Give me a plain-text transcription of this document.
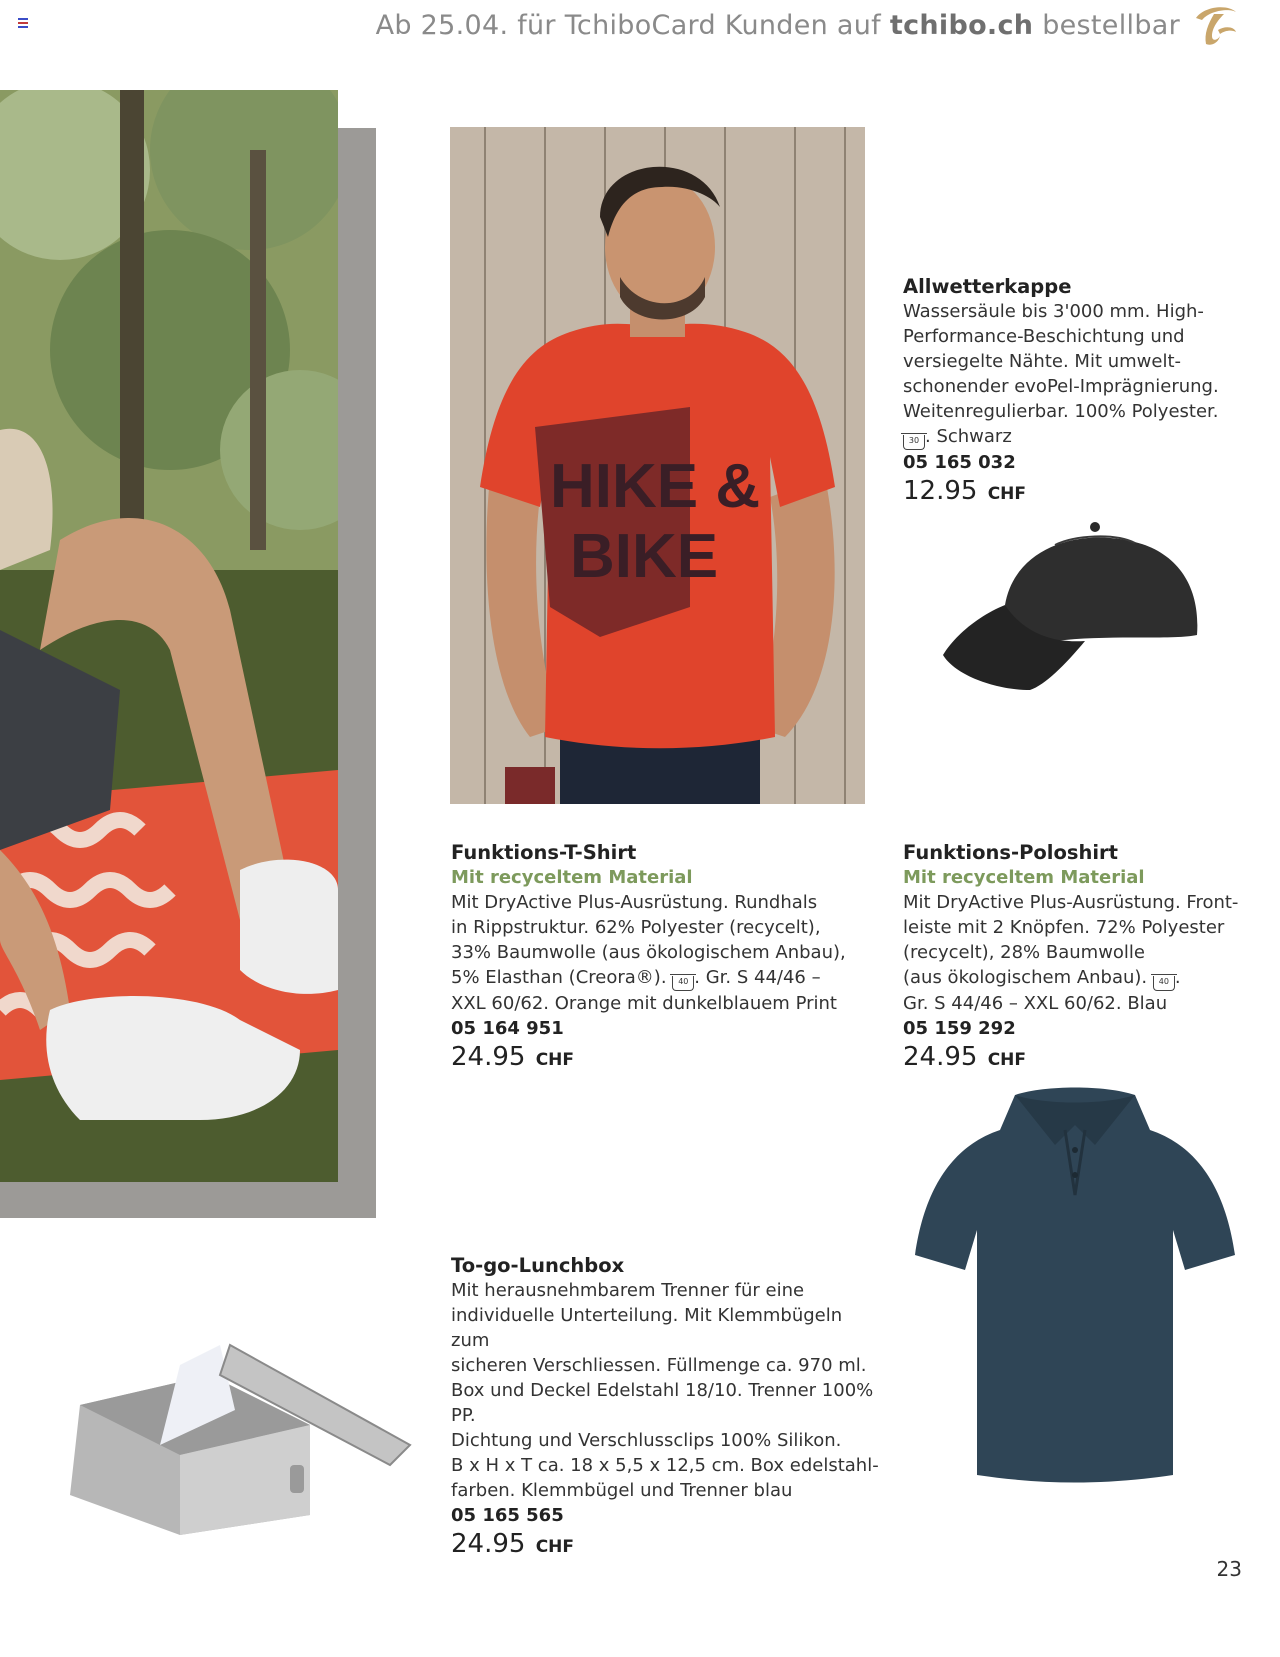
Ab 25.04. für TchiboCard Kunden auf tchibo.ch bestellbar
HIKE &
BIKE
Allwetterkappe
Wassersäule bis 3'000 mm. High-
Performance-Beschichtung und
versiegelte Nähte. Mit umwelt-
schonender evoPel-Imprägnierung.
Weitenregulierbar. 100% Polyester.
30 . Schwarz
05 165 032
12.95 CHF
Funktions-T-Shirt
Mit recyceltem Material
Mit DryActive Plus-Ausrüstung. Rundhals
in Rippstruktur. 62% Polyester (recycelt),
33% Baumwolle (aus ökologischem Anbau),
5% Elasthan (Creora®). 40 . Gr. S 44/46 –
XXL 60/62. Orange mit dunkelblauem Print
05 164 951
24.95 CHF
Funktions-Poloshirt
Mit recyceltem Material
Mit DryActive Plus-Ausrüstung. Front-
leiste mit 2 Knöpfen. 72% Polyester
(recycelt), 28% Baumwolle
(aus ökologischem Anbau). 40 .
Gr. S 44/46 – XXL 60/62. Blau
05 159 292
24.95 CHF
To-go-Lunchbox
Mit herausnehmbarem Trenner für eine
individuelle Unterteilung. Mit Klemmbügeln zum
sicheren Verschliessen. Füllmenge ca. 970 ml.
Box und Deckel Edelstahl 18/10. Trenner 100% PP.
Dichtung und Verschlussclips 100% Silikon.
B x H x T ca. 18 x 5,5 x 12,5 cm. Box edelstahl-
farben. Klemmbügel und Trenner blau
05 165 565
24.95 CHF
23
